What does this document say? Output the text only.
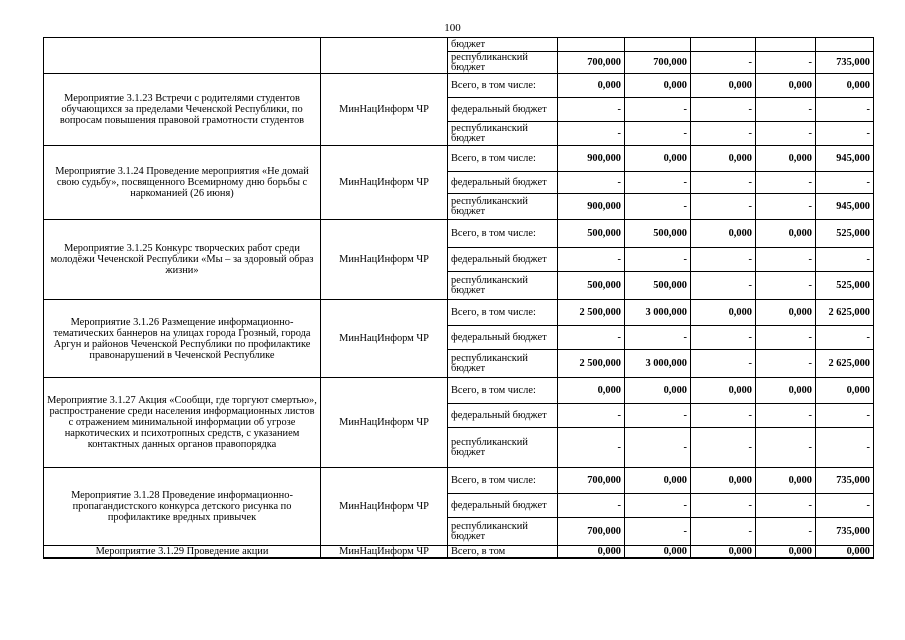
100
		бюджет					
		республиканский бюджет	700,000	700,000	-	-	735,000
Мероприятие 3.1.23 Встречи с родителями студентов обучающихся за пределами Чеченской Республики, по вопросам повышения правовой грамотности студентов	МинНацИнформ ЧР	Всего, в том числе:	0,000	0,000	0,000	0,000	0,000
		федеральный бюджет	-	-	-	-	-
		республиканский бюджет	-	-	-	-	-
Мероприятие 3.1.24 Проведение мероприятия «Не домай свою судьбу», посвященного Всемирному дню борьбы с наркоманией (26 июня)	МинНацИнформ ЧР	Всего, в том числе:	900,000	0,000	0,000	0,000	945,000
		федеральный бюджет	-	-	-	-	-
		республиканский бюджет	900,000	-	-	-	945,000
Мероприятие 3.1.25 Конкурс творческих работ среди молодёжи Чеченской Республики «Мы – за здоровый образ жизни»	МинНацИнформ ЧР	Всего, в том числе:	500,000	500,000	0,000	0,000	525,000
		федеральный бюджет	-	-	-	-	-
		республиканский бюджет	500,000	500,000	-	-	525,000
Мероприятие 3.1.26 Размещение информационно-тематических баннеров на улицах города Грозный, города Аргун и районов Чеченской Республики по профилактике правонарушений в Чеченской Республике	МинНацИнформ ЧР	Всего, в том числе:	2 500,000	3 000,000	0,000	0,000	2 625,000
		федеральный бюджет	-	-	-	-	-
		республиканский бюджет	2 500,000	3 000,000	-	-	2 625,000
Мероприятие 3.1.27 Акция «Сообщи, где торгуют смертью», распространение среди населения информационных листов с отражением минимальной информации об угрозе наркотических и психотропных средств, с указанием контактных данных органов правопорядка	МинНацИнформ ЧР	Всего, в том числе:	0,000	0,000	0,000	0,000	0,000
		федеральный бюджет	-	-	-	-	-
		республиканский бюджет	-	-	-	-	-
Мероприятие 3.1.28 Проведение информационно-пропагандистского конкурса детского рисунка по профилактике вредных привычек	МинНацИнформ ЧР	Всего, в том числе:	700,000	0,000	0,000	0,000	735,000
		федеральный бюджет	-	-	-	-	-
		республиканский бюджет	700,000	-	-	-	735,000
Мероприятие 3.1.29 Проведение акции	МинНацИнформ ЧР	Всего, в том	0,000	0,000	0,000	0,000	0,000
